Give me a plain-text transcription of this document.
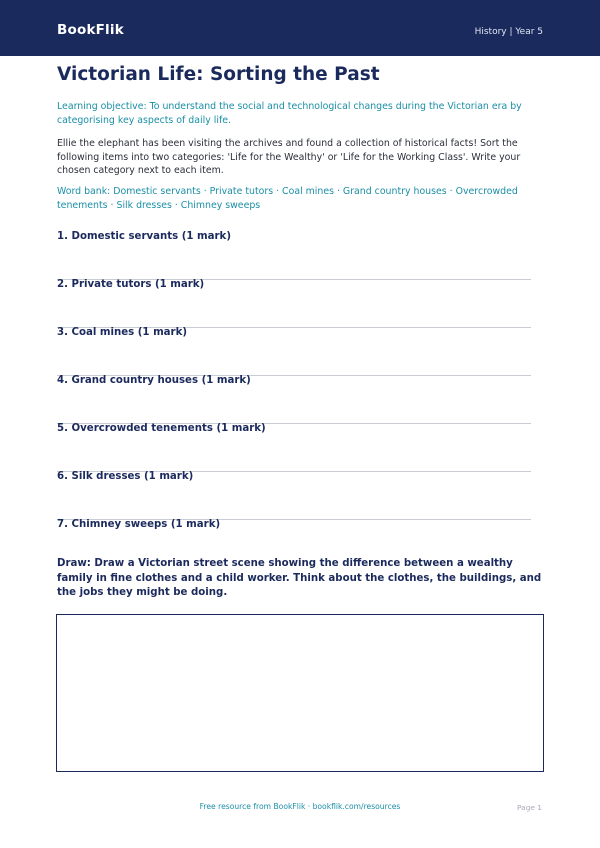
BookFlik	History | Year 5
Victorian Life: Sorting the Past
Learning objective: To understand the social and technological changes during the Victorian era by categorising key aspects of daily life.
Ellie the elephant has been visiting the archives and found a collection of historical facts! Sort the following items into two categories: 'Life for the Wealthy' or 'Life for the Working Class'. Write your chosen category next to each item.
Word bank: Domestic servants · Private tutors · Coal mines · Grand country houses · Overcrowded tenements · Silk dresses · Chimney sweeps
1. Domestic servants (1 mark)
2. Private tutors (1 mark)
3. Coal mines (1 mark)
4. Grand country houses (1 mark)
5. Overcrowded tenements (1 mark)
6. Silk dresses (1 mark)
7. Chimney sweeps (1 mark)
Draw: Draw a Victorian street scene showing the difference between a wealthy family in fine clothes and a child worker. Think about the clothes, the buildings, and the jobs they might be doing.
Free resource from BookFlik · bookflik.com/resources	Page 1
